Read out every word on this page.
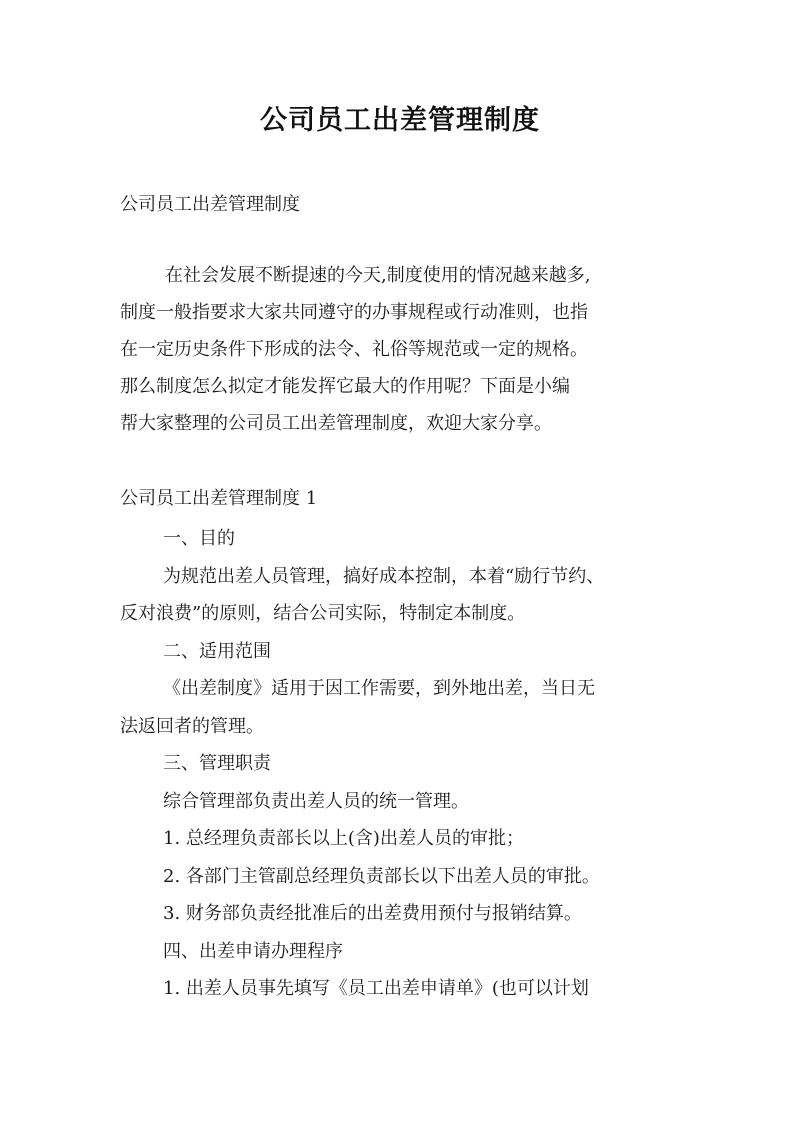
公司员工出差管理制度
公司员工出差管理制度
在社会发展不断提速的今天,制度使用的情况越来越多,
制度一般指要求大家共同遵守的办事规程或行动准则，也指
在一定历史条件下形成的法令、礼俗等规范或一定的规格。
那么制度怎么拟定才能发挥它最大的作用呢？下面是小编
帮大家整理的公司员工出差管理制度，欢迎大家分享。
公司员工出差管理制度 1
一、目的
为规范出差人员管理，搞好成本控制，本着“励行节约、
反对浪费”的原则，结合公司实际，特制定本制度。
二、适用范围
《出差制度》适用于因工作需要，到外地出差，当日无
法返回者的管理。
三、管理职责
综合管理部负责出差人员的统一管理。
1. 总经理负责部长以上(含)出差人员的审批；
2. 各部门主管副总经理负责部长以下出差人员的审批。
3. 财务部负责经批准后的出差费用预付与报销结算。
四、出差申请办理程序
1. 出差人员事先填写《员工出差申请单》(也可以计划
